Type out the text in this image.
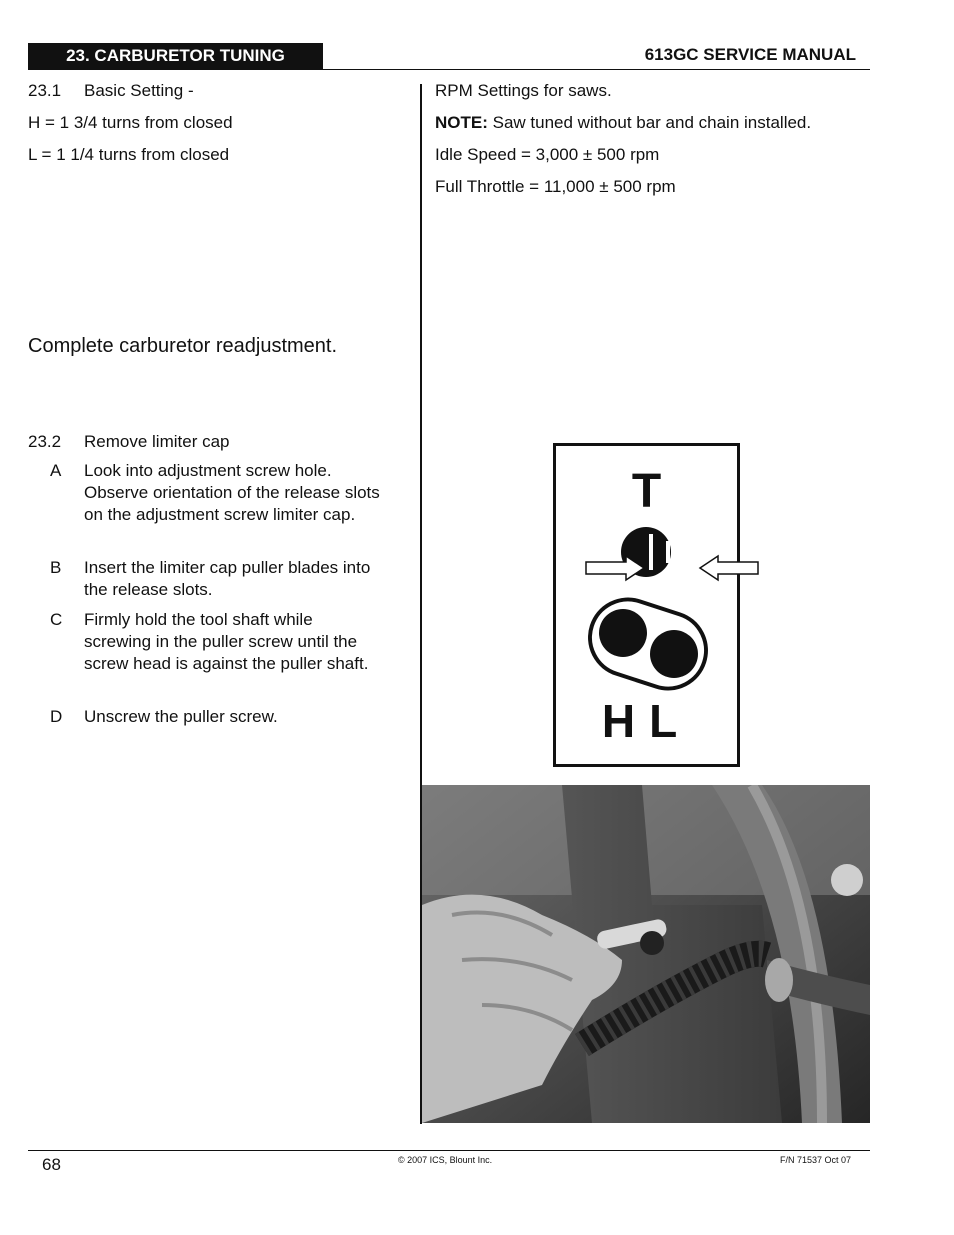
23. CARBURETOR TUNING	613GC SERVICE MANUAL
23.1 Basic Setting -
H = 1 3/4 turns from closed
L = 1 1/4 turns from closed
Complete carburetor readjustment.
23.2 Remove limiter cap
A Look into adjustment screw hole. Observe orientation of the release slots on the adjustment screw limiter cap.
B Insert the limiter cap puller blades into the release slots.
C Firmly hold the tool shaft while screwing in the puller screw until the screw head is against the puller shaft.
D Unscrew the puller screw.
RPM Settings for saws.
NOTE: Saw tuned without bar and chain installed.
Idle Speed = 3,000 ± 500 rpm
Full Throttle = 11,000 ± 500 rpm
T
HL
68	© 2007 ICS, Blount Inc.	F/N 71537 Oct 07
